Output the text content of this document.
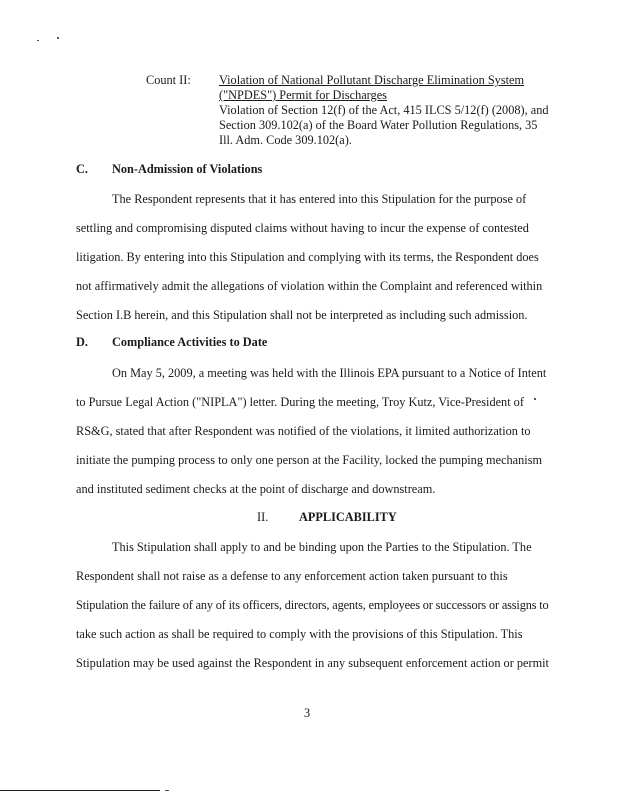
Count II: Violation of National Pollutant Discharge Elimination System
("NPDES") Permit for Discharges
Violation of Section 12(f) of the Act, 415 ILCS 5/12(f) (2008), and
Section 309.102(a) of the Board Water Pollution Regulations, 35
Ill. Adm. Code 309.102(a).
C. Non-Admission of Violations
The Respondent represents that it has entered into this Stipulation for the purpose of
settling and compromising disputed claims without having to incur the expense of contested
litigation. By entering into this Stipulation and complying with its terms, the Respondent does
not affirmatively admit the allegations of violation within the Complaint and referenced within
Section I.B herein, and this Stipulation shall not be interpreted as including such admission.
D. Compliance Activities to Date
On May 5, 2009, a meeting was held with the Illinois EPA pursuant to a Notice of Intent
to Pursue Legal Action ("NIPLA") letter. During the meeting, Troy Kutz, Vice-President of
RS&G, stated that after Respondent was notified of the violations, it limited authorization to
initiate the pumping process to only one person at the Facility, locked the pumping mechanism
and instituted sediment checks at the point of discharge and downstream.
II. APPLICABILITY
This Stipulation shall apply to and be binding upon the Parties to the Stipulation. The
Respondent shall not raise as a defense to any enforcement action taken pursuant to this
Stipulation the failure of any of its officers, directors, agents, employees or successors or assigns to
take such action as shall be required to comply with the provisions of this Stipulation. This
Stipulation may be used against the Respondent in any subsequent enforcement action or permit
3
